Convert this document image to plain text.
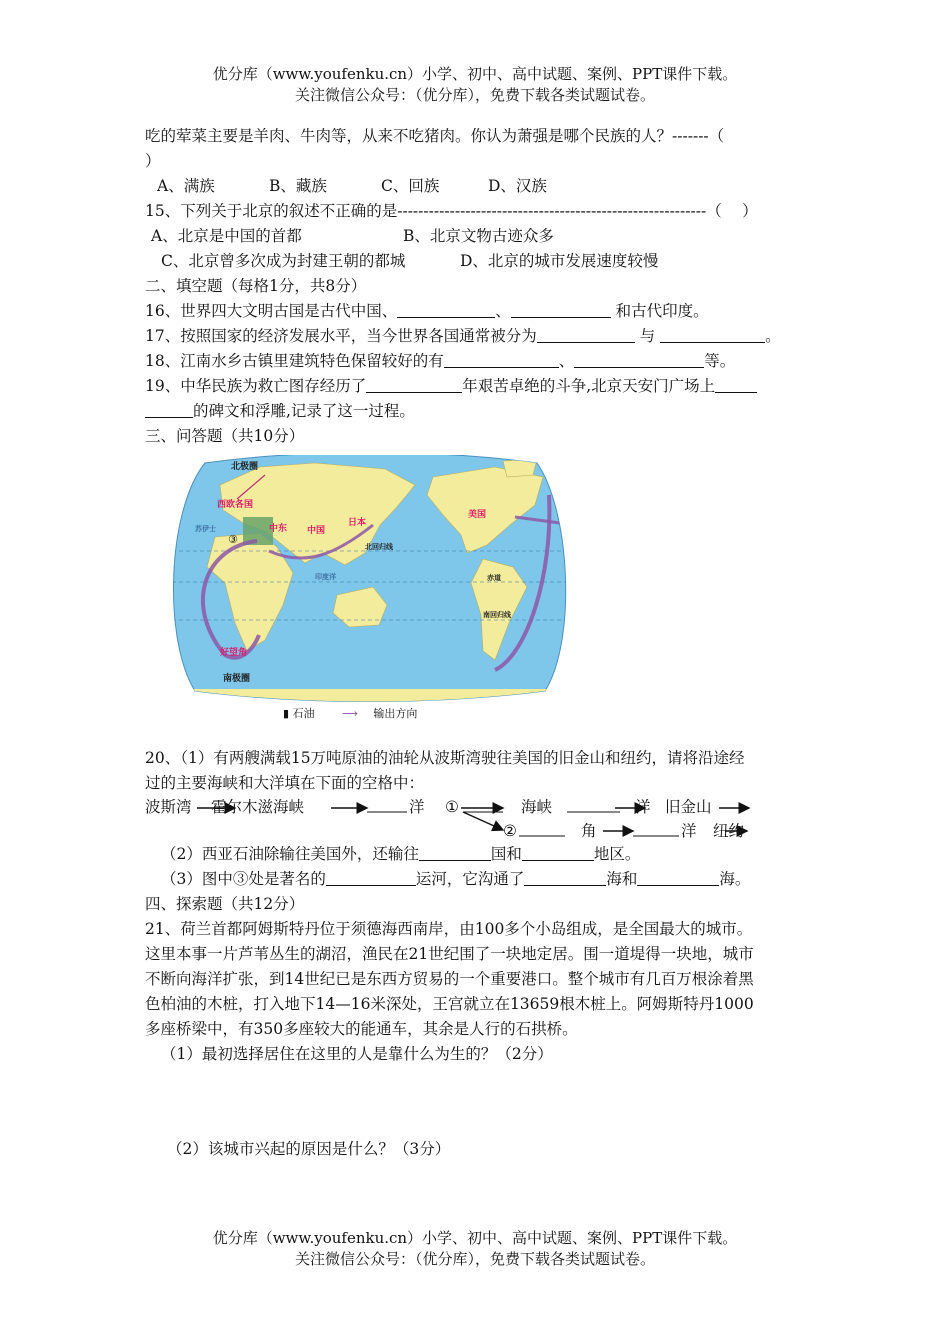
优分库（www.youfenku.cn）小学、初中、高中试题、案例、PPT课件下载。
关注微信公众号：（优分库），免费下载各类试题试卷。
吃的荤菜主要是羊肉、牛肉等，从来不吃猪肉。你认为萧强是哪个民族的人？-------（
）
A、满族	B、藏族	C、回族	D、汉族
15、下列关于北京的叙述不正确的是-----------------------------------------------------------（　 ）
A、北京是中国的首都	B、北京文物古迹众多
C、北京曾多次成为封建王朝的都城	D、北京的城市发展速度较慢
二、填空题（每格1分，共8分）
16、世界四大文明古国是古代中国、	、	和古代印度。
17、按照国家的经济发展水平，当今世界各国通常被分为	与	。
18、江南水乡古镇里建筑特色保留较好的有	、	等。
19、中华民族为救亡图存经历了	年艰苦卓绝的斗争,北京天安门广场上
的碑文和浮雕,记录了这一过程。
三、问答题（共10分）
北极圈
西欧各国
中东 中国
日本
美国
苏伊士
③
好望角
北回归线
印度洋	赤道
南回归线
南极圈
▮ 石油	⟶ 输出方向
20、（1）有两艘满载15万吨原油的油轮从波斯湾驶往美国的旧金山和纽约，请将沿途经
过的主要海峡和大洋填在下面的空格中：
波斯湾 霍尔木滋海峡	洋 ①	海峡	洋 旧金山
②	角	洋 纽约
（2）西亚石油除输往美国外，还输往	国和	地区。
（3）图中③处是著名的	运河，它沟通了	海和	海。
四、探索题（共12分）
21、荷兰首都阿姆斯特丹位于须德海西南岸，由100多个小岛组成，是全国最大的城市。
这里本事一片芦苇丛生的湖沼，渔民在21世纪围了一块地定居。围一道堤得一块地，城市
不断向海洋扩张，到14世纪已是东西方贸易的一个重要港口。整个城市有几百万根涂着黑
色柏油的木桩，打入地下14—16米深处，王宫就立在13659根木桩上。阿姆斯特丹1000
多座桥梁中，有350多座较大的能通车，其余是人行的石拱桥。
（1）最初选择居住在这里的人是靠什么为生的？（2分）
（2）该城市兴起的原因是什么？（3分）
优分库（www.youfenku.cn）小学、初中、高中试题、案例、PPT课件下载。
关注微信公众号：（优分库），免费下载各类试题试卷。
